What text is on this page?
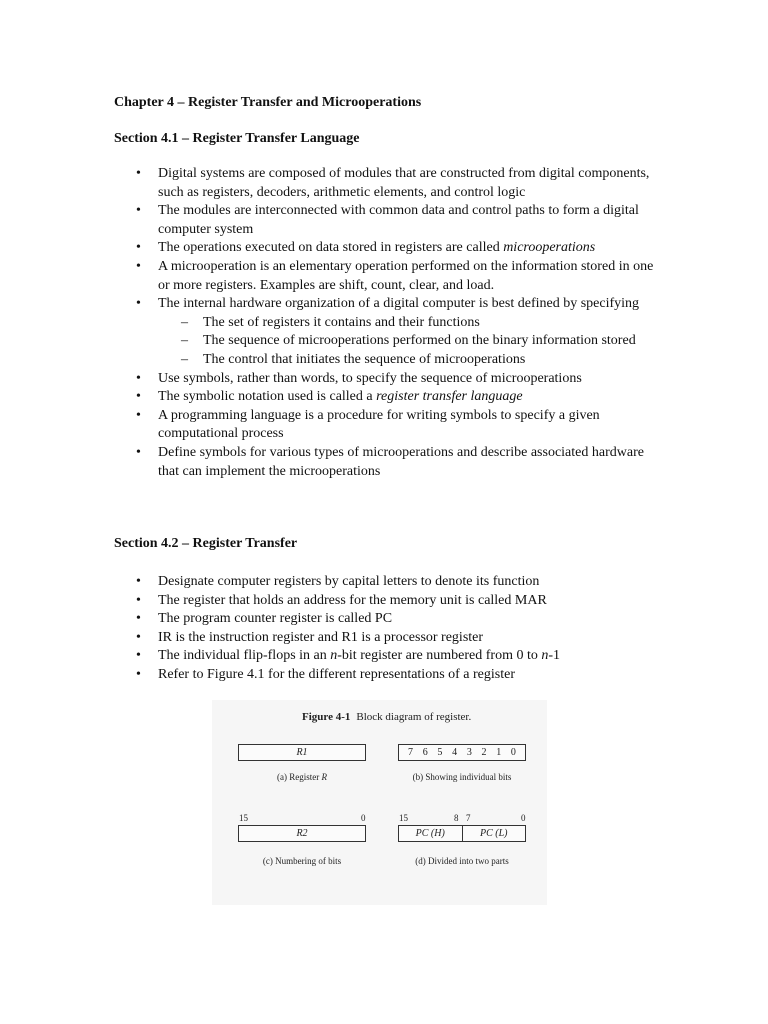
Chapter 4 – Register Transfer and Microoperations
Section 4.1 – Register Transfer Language
• Digital systems are composed of modules that are constructed from digital components, such as registers, decoders, arithmetic elements, and control logic
• The modules are interconnected with common data and control paths to form a digital computer system
• The operations executed on data stored in registers are called microoperations
• A microoperation is an elementary operation performed on the information stored in one or more registers. Examples are shift, count, clear, and load.
• The internal hardware organization of a digital computer is best defined by specifying
– The set of registers it contains and their functions
– The sequence of microoperations performed on the binary information stored
– The control that initiates the sequence of microoperations
• Use symbols, rather than words, to specify the sequence of microoperations
• The symbolic notation used is called a register transfer language
• A programming language is a procedure for writing symbols to specify a given computational process
• Define symbols for various types of microoperations and describe associated hardware that can implement the microoperations
Section 4.2 – Register Transfer
• Designate computer registers by capital letters to denote its function
• The register that holds an address for the memory unit is called MAR
• The program counter register is called PC
• IR is the instruction register and R1 is a processor register
• The individual flip-flops in an n-bit register are numbered from 0 to n-1
• Refer to Figure 4.1 for the different representations of a register
Figure 4-1 Block diagram of register.
R1
(a) Register R
7 6 5 4 3 2 1 0
(b) Showing individual bits
15	0
R2
(c) Numbering of bits
15	8 7	0
PC (H)	PC (L)
(d) Divided into two parts
